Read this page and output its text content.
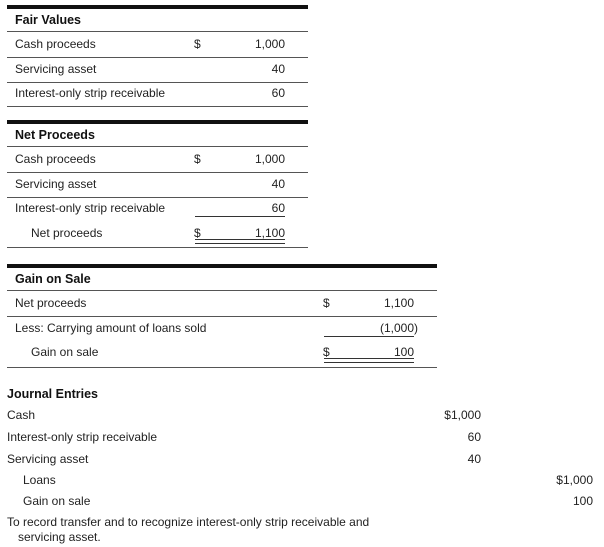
Fair Values
Cash proceeds	$	1,000
Servicing asset	40
Interest-only strip receivable	60
Net Proceeds
Cash proceeds	$	1,000
Servicing asset	40
Interest-only strip receivable	60
Net proceeds	$	1,100
Gain on Sale
Net proceeds	$	1,100
Less: Carrying amount of loans sold	(1,000)
Gain on sale	$	100
Journal Entries
Cash	$1,000
Interest-only strip receivable	60
Servicing asset	40
Loans	$1,000
Gain on sale	100
To record transfer and to recognize interest-only strip receivable and
servicing asset.
